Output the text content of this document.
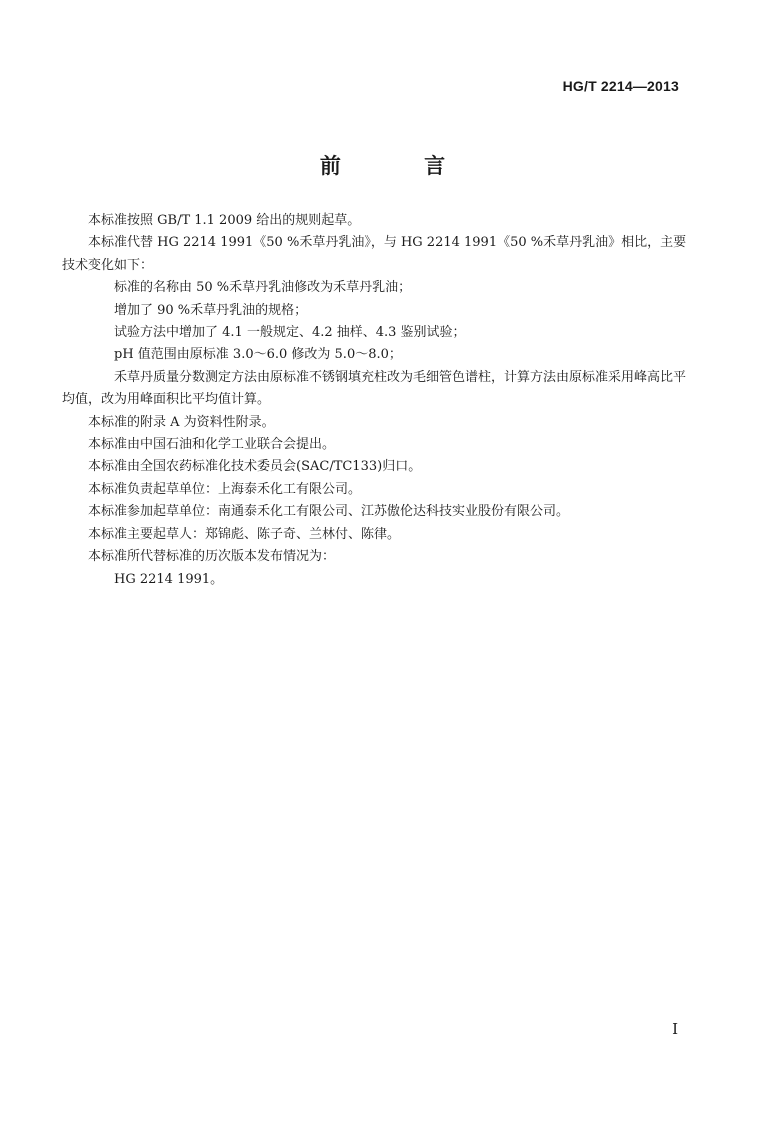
HG/T 2214—2013
前 言

本标准按照 GB/T 1.1 2009 给出的规则起草。

本标准代替 HG 2214 1991《50 %禾草丹乳油》，与 HG 2214 1991《50 %禾草丹乳油》相比，主要技术变化如下：

标准的名称由 50 %禾草丹乳油修改为禾草丹乳油；

增加了 90 %禾草丹乳油的规格；

试验方法中增加了 4.1 一般规定、4.2 抽样、4.3 鉴别试验；

pH 值范围由原标准 3.0～6.0 修改为 5.0～8.0；

禾草丹质量分数测定方法由原标准不锈钢填充柱改为毛细管色谱柱，计算方法由原标准采用峰高比平均值，改为用峰面积比平均值计算。

本标准的附录 A 为资料性附录。

本标准由中国石油和化学工业联合会提出。

本标准由全国农药标准化技术委员会(SAC/TC133)归口。

本标准负责起草单位：上海泰禾化工有限公司。

本标准参加起草单位：南通泰禾化工有限公司、江苏傲伦达科技实业股份有限公司。

本标准主要起草人：郑锦彪、陈子奇、兰林付、陈律。

本标准所代替标准的历次版本发布情况为：

HG 2214 1991。

I
